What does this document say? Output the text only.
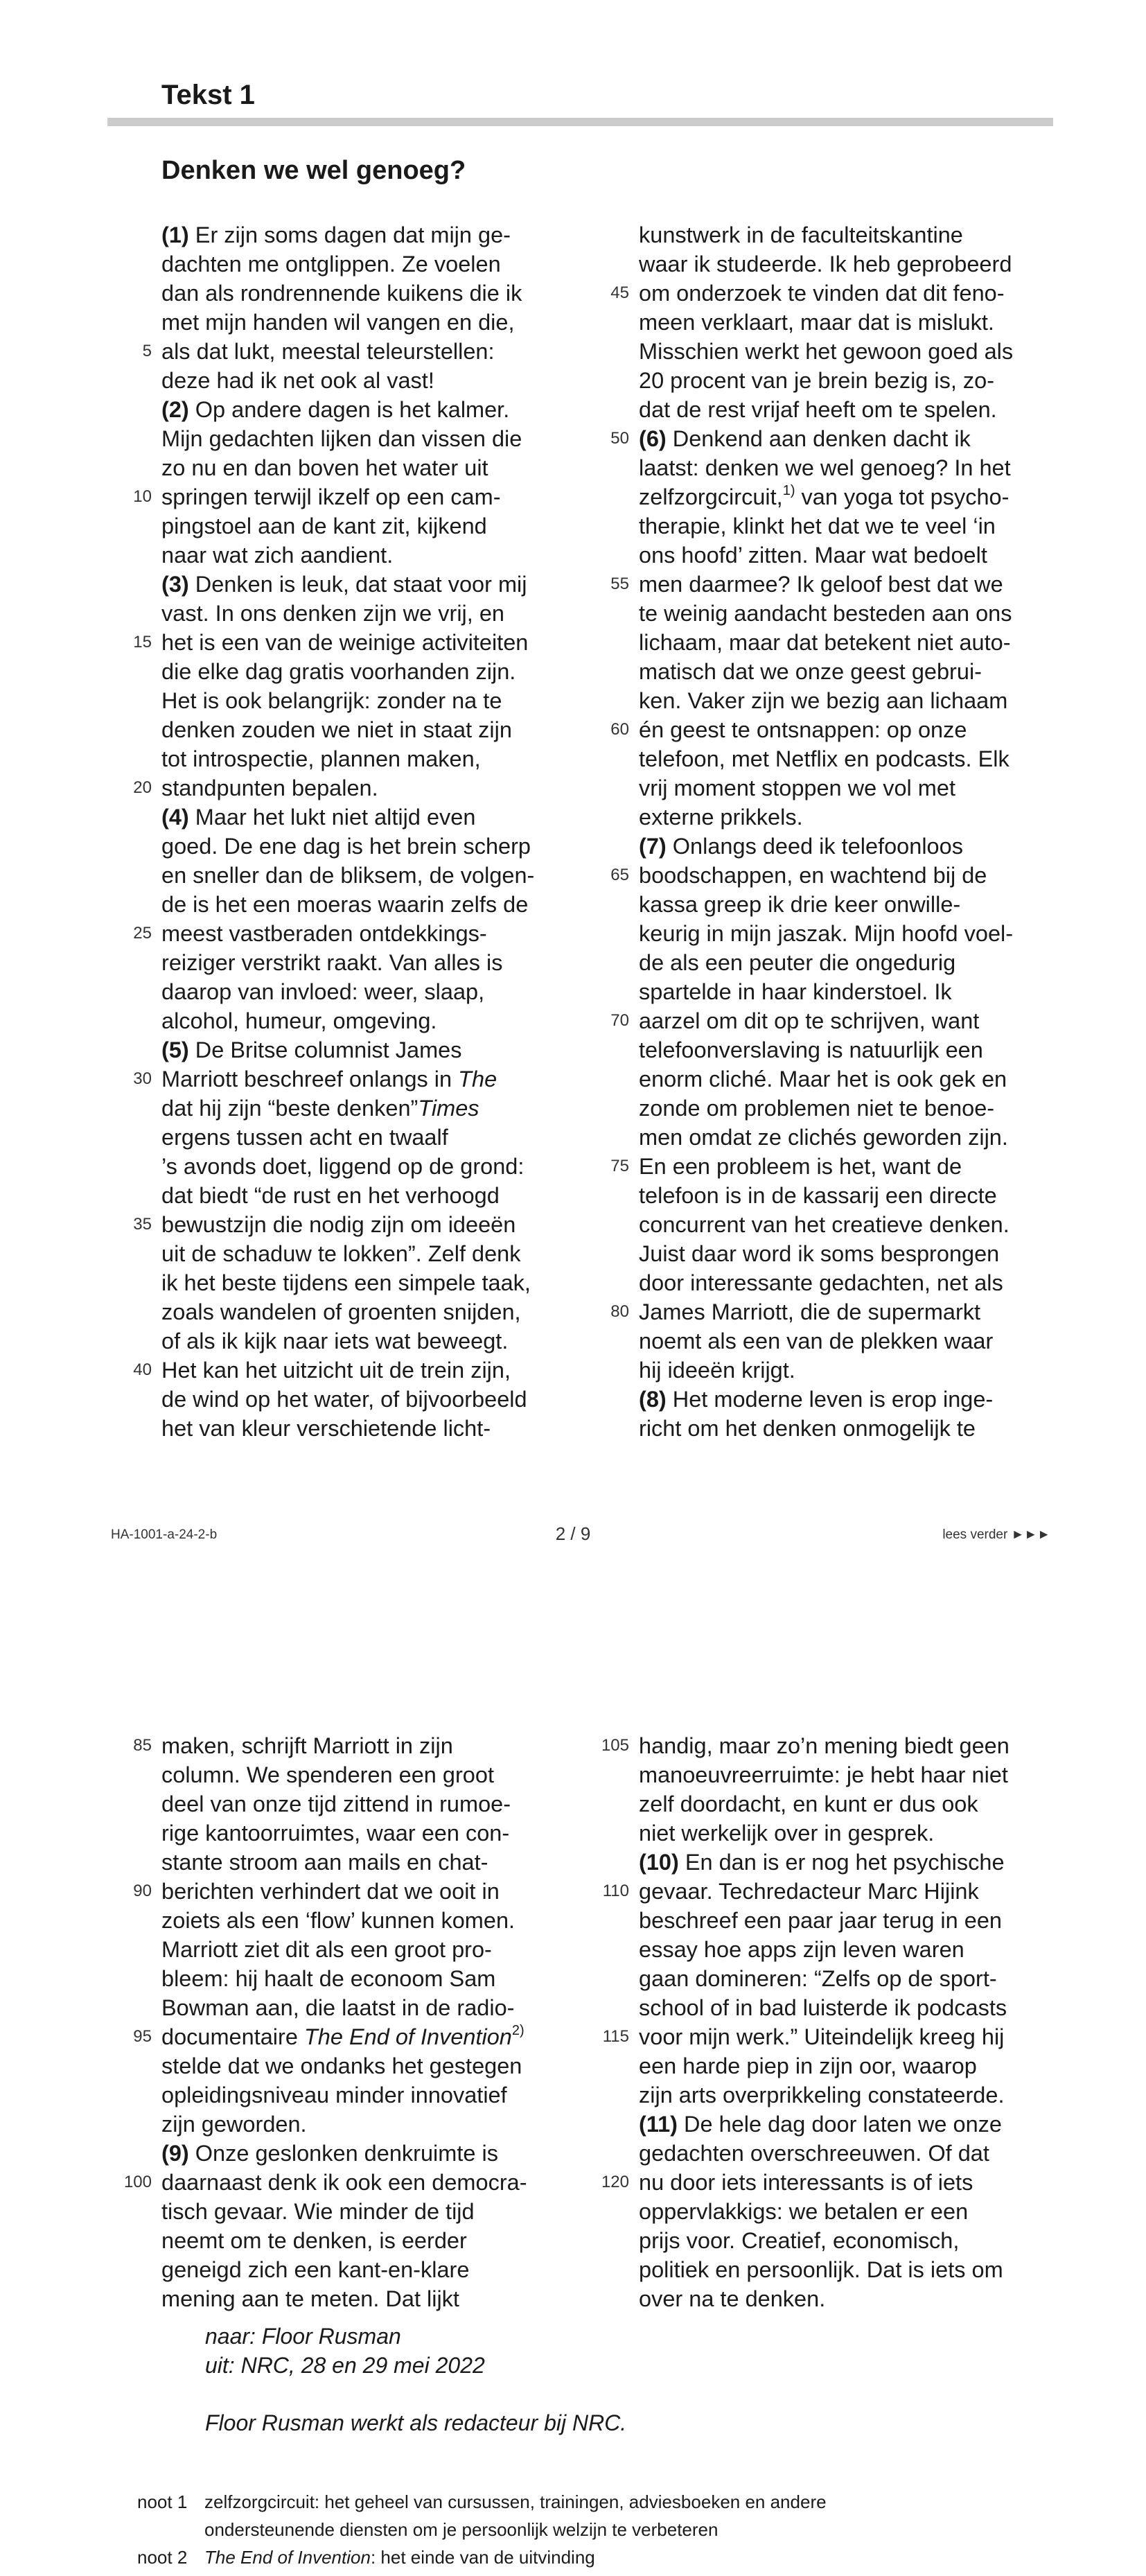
Tekst 1
Denken we wel genoeg?
(1) Er zijn soms dagen dat mijn ge-
dachten me ontglippen. Ze voelen
dan als rondrennende kuikens die ik
met mijn handen wil vangen en die,
5 als dat lukt, meestal teleurstellen:
deze had ik net ook al vast!
(2) Op andere dagen is het kalmer.
Mijn gedachten lijken dan vissen die
zo nu en dan boven het water uit
10 springen terwijl ikzelf op een cam-
pingstoel aan de kant zit, kijkend
naar wat zich aandient.
(3) Denken is leuk, dat staat voor mij
vast. In ons denken zijn we vrij, en
15 het is een van de weinige activiteiten
die elke dag gratis voorhanden zijn.
Het is ook belangrijk: zonder na te
denken zouden we niet in staat zijn
tot introspectie, plannen maken,
20 standpunten bepalen.
(4) Maar het lukt niet altijd even
goed. De ene dag is het brein scherp
en sneller dan de bliksem, de volgen-
de is het een moeras waarin zelfs de
25 meest vastberaden ontdekkings-
reiziger verstrikt raakt. Van alles is
daarop van invloed: weer, slaap,
alcohol, humeur, omgeving.
(5) De Britse columnist James
30 Marriott beschreef onlangs in The
dat hij zijn “beste denken”Times
ergens tussen acht en twaalf
’s avonds doet, liggend op de grond:
dat biedt “de rust en het verhoogd
35 bewustzijn die nodig zijn om ideeën
uit de schaduw te lokken”. Zelf denk
ik het beste tijdens een simpele taak,
zoals wandelen of groenten snijden,
of als ik kijk naar iets wat beweegt.
40 Het kan het uitzicht uit de trein zijn,
de wind op het water, of bijvoorbeeld
het van kleur verschietende licht-
kunstwerk in de faculteitskantine
waar ik studeerde. Ik heb geprobeerd
45 om onderzoek te vinden dat dit feno-
meen verklaart, maar dat is mislukt.
Misschien werkt het gewoon goed als
20 procent van je brein bezig is, zo-
dat de rest vrijaf heeft om te spelen.
50 (6) Denkend aan denken dacht ik
laatst: denken we wel genoeg? In het
zelfzorgcircuit,$^{1)}$ van yoga tot psycho-
therapie, klinkt het dat we te veel ‘in
ons hoofd’ zitten. Maar wat bedoelt
55 men daarmee? Ik geloof best dat we
te weinig aandacht besteden aan ons
lichaam, maar dat betekent niet auto-
matisch dat we onze geest gebrui-
ken. Vaker zijn we bezig aan lichaam
60 én geest te ontsnappen: op onze
telefoon, met Netflix en podcasts. Elk
vrij moment stoppen we vol met
externe prikkels.
(7) Onlangs deed ik telefoonloos
65 boodschappen, en wachtend bij de
kassa greep ik drie keer onwille-
keurig in mijn jaszak. Mijn hoofd voel-
de als een peuter die ongedurig
spartelde in haar kinderstoel. Ik
70 aarzel om dit op te schrijven, want
telefoonverslaving is natuurlijk een
enorm cliché. Maar het is ook gek en
zonde om problemen niet te benoe-
men omdat ze clichés geworden zijn.
75 En een probleem is het, want de
telefoon is in de kassarij een directe
concurrent van het creatieve denken.
Juist daar word ik soms besprongen
door interessante gedachten, net als
80 James Marriott, die de supermarkt
noemt als een van de plekken waar
hij ideeën krijgt.
(8) Het moderne leven is erop inge-
richt om het denken onmogelijk te
HA-1001-a-24-2-b	2 / 9	lees verder ►►►
85 maken, schrijft Marriott in zijn
column. We spenderen een groot
deel van onze tijd zittend in rumoe-
rige kantoorruimtes, waar een con-
stante stroom aan mails en chat-
90 berichten verhindert dat we ooit in
zoiets als een ‘flow’ kunnen komen.
Marriott ziet dit als een groot pro-
bleem: hij haalt de econoom Sam
Bowman aan, die laatst in de radio-
95 documentaire The End of Invention$^{2)}$
stelde dat we ondanks het gestegen
opleidingsniveau minder innovatief
zijn geworden.
(9) Onze geslonken denkruimte is
100 daarnaast denk ik ook een democra-
tisch gevaar. Wie minder de tijd
neemt om te denken, is eerder
geneigd zich een kant-en-klare
mening aan te meten. Dat lijkt
105 handig, maar zo’n mening biedt geen
manoeuvreerruimte: je hebt haar niet
zelf doordacht, en kunt er dus ook
niet werkelijk over in gesprek.
(10) En dan is er nog het psychische
110 gevaar. Techredacteur Marc Hijink
beschreef een paar jaar terug in een
essay hoe apps zijn leven waren
gaan domineren: “Zelfs op de sport-
school of in bad luisterde ik podcasts
115 voor mijn werk.” Uiteindelijk kreeg hij
een harde piep in zijn oor, waarop
zijn arts overprikkeling constateerde.
(11) De hele dag door laten we onze
gedachten overschreeuwen. Of dat
120 nu door iets interessants is of iets
oppervlakkigs: we betalen er een
prijs voor. Creatief, economisch,
politiek en persoonlijk. Dat is iets om
over na te denken.
naar: Floor Rusman
uit: NRC, 28 en 29 mei 2022
Floor Rusman werkt als redacteur bij NRC.
noot 1 zelfzorgcircuit: het geheel van cursussen, trainingen, adviesboeken en andere
ondersteunende diensten om je persoonlijk welzijn te verbeteren
noot 2 The End of Invention: het einde van de uitvinding
